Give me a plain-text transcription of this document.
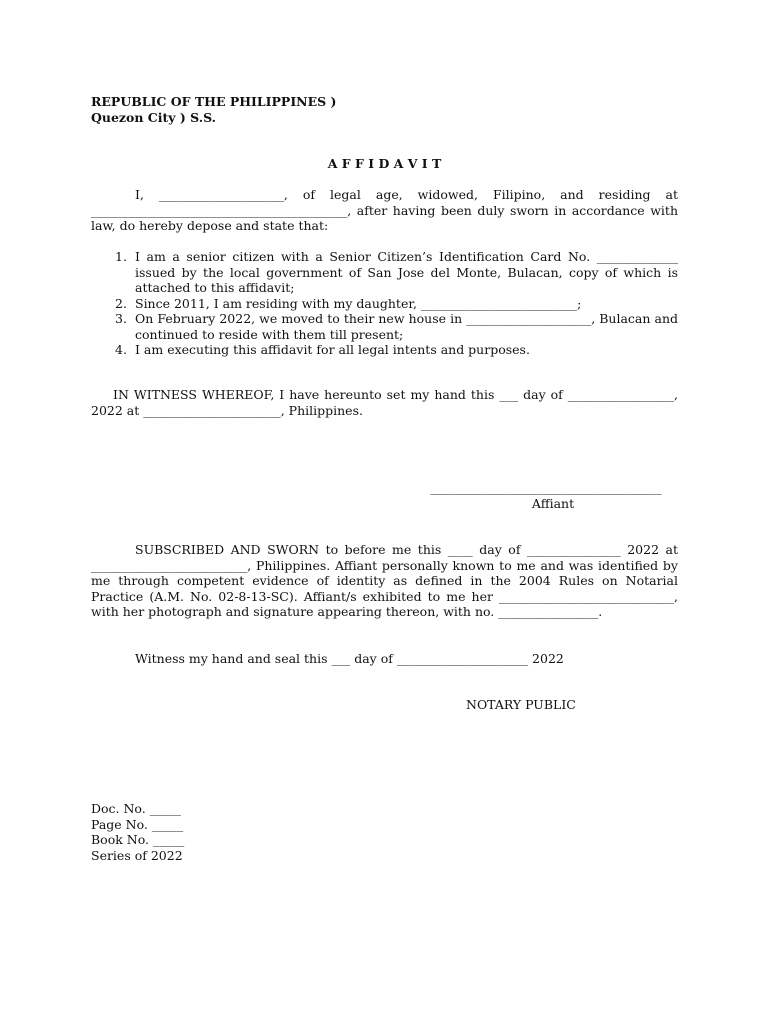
REPUBLIC OF THE PHILIPPINES )
Quezon City ) S.S.
A F F I D A V I T
I, ____________________, of legal age, widowed, Filipino, and residing at _________________________________________, after having been duly sworn in accordance with law, do hereby depose and state that:
1. I am a senior citizen with a Senior Citizen’s Identification Card No. _____________ issued by the local government of San Jose del Monte, Bulacan, copy of which is attached to this affidavit;
2. Since 2011, I am residing with my daughter, _________________________;
3. On February 2022, we moved to their new house in ____________________, Bulacan and continued to reside with them till present;
4. I am executing this affidavit for all legal intents and purposes.
IN WITNESS WHEREOF, I have hereunto set my hand this ___ day of _________________, 2022 at ______________________, Philippines.
_____________________________________
Affiant
SUBSCRIBED AND SWORN to before me this ____ day of _______________ 2022 at _________________________, Philippines. Affiant personally known to me and was identified by me through competent evidence of identity as defined in the 2004 Rules on Notarial Practice (A.M. No. 02-8-13-SC). Affiant/s exhibited to me her ____________________________, with her photograph and signature appearing thereon, with no. ________________.
Witness my hand and seal this ___ day of _____________________ 2022
NOTARY PUBLIC
Doc. No. _____
Page No. _____
Book No. _____
Series of 2022
